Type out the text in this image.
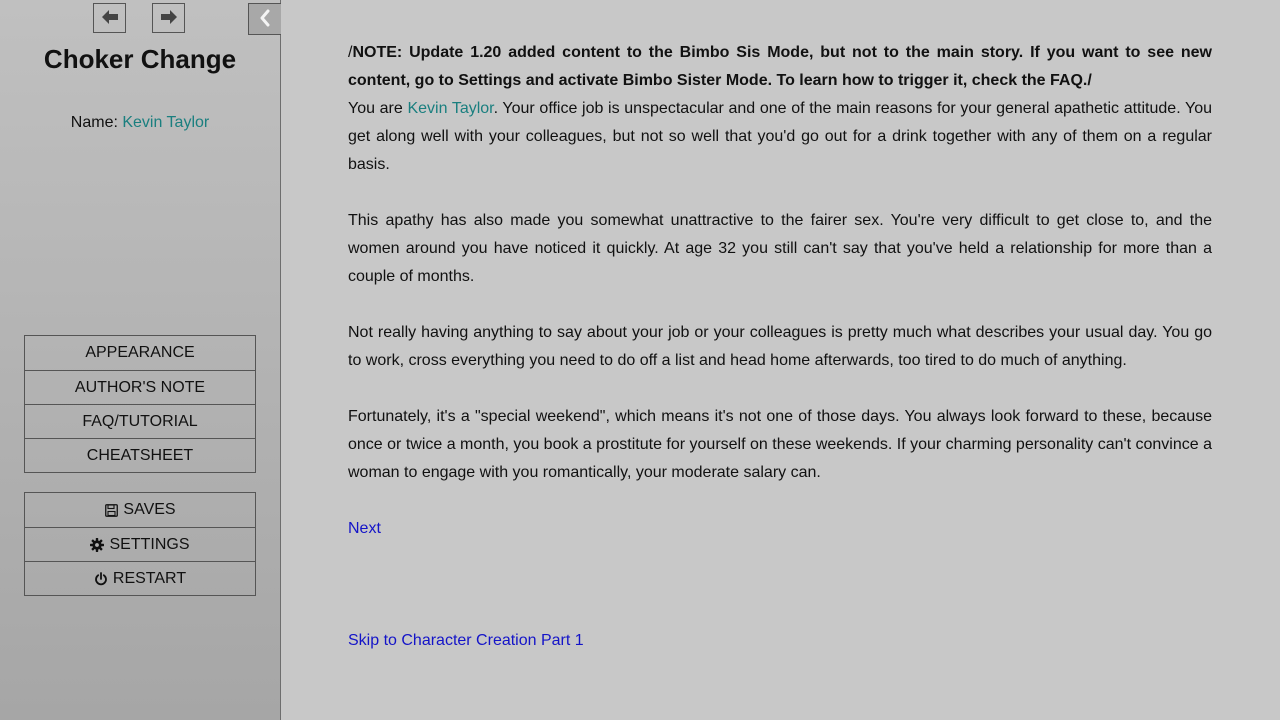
Choker Change
Name: Kevin Taylor
APPEARANCE
AUTHOR'S NOTE
FAQ/TUTORIAL
CHEATSHEET
SAVES
SETTINGS
RESTART

/NOTE: Update 1.20 added content to the Bimbo Sis Mode, but not to the main story. If you want to see new content, go to Settings and activate Bimbo Sister Mode. To learn how to trigger it, check the FAQ./

You are Kevin Taylor. Your office job is unspectacular and one of the main reasons for your general apathetic attitude. You get along well with your colleagues, but not so well that you'd go out for a drink together with any of them on a regular basis.

This apathy has also made you somewhat unattractive to the fairer sex. You're very difficult to get close to, and the women around you have noticed it quickly. At age 32 you still can't say that you've held a relationship for more than a couple of months.

Not really having anything to say about your job or your colleagues is pretty much what describes your usual day. You go to work, cross everything you need to do off a list and head home afterwards, too tired to do much of anything.

Fortunately, it's a "special weekend", which means it's not one of those days. You always look forward to these, because once or twice a month, you book a prostitute for yourself on these weekends. If your charming personality can't convince a woman to engage with you romantically, your moderate salary can.

Next

Skip to Character Creation Part 1
